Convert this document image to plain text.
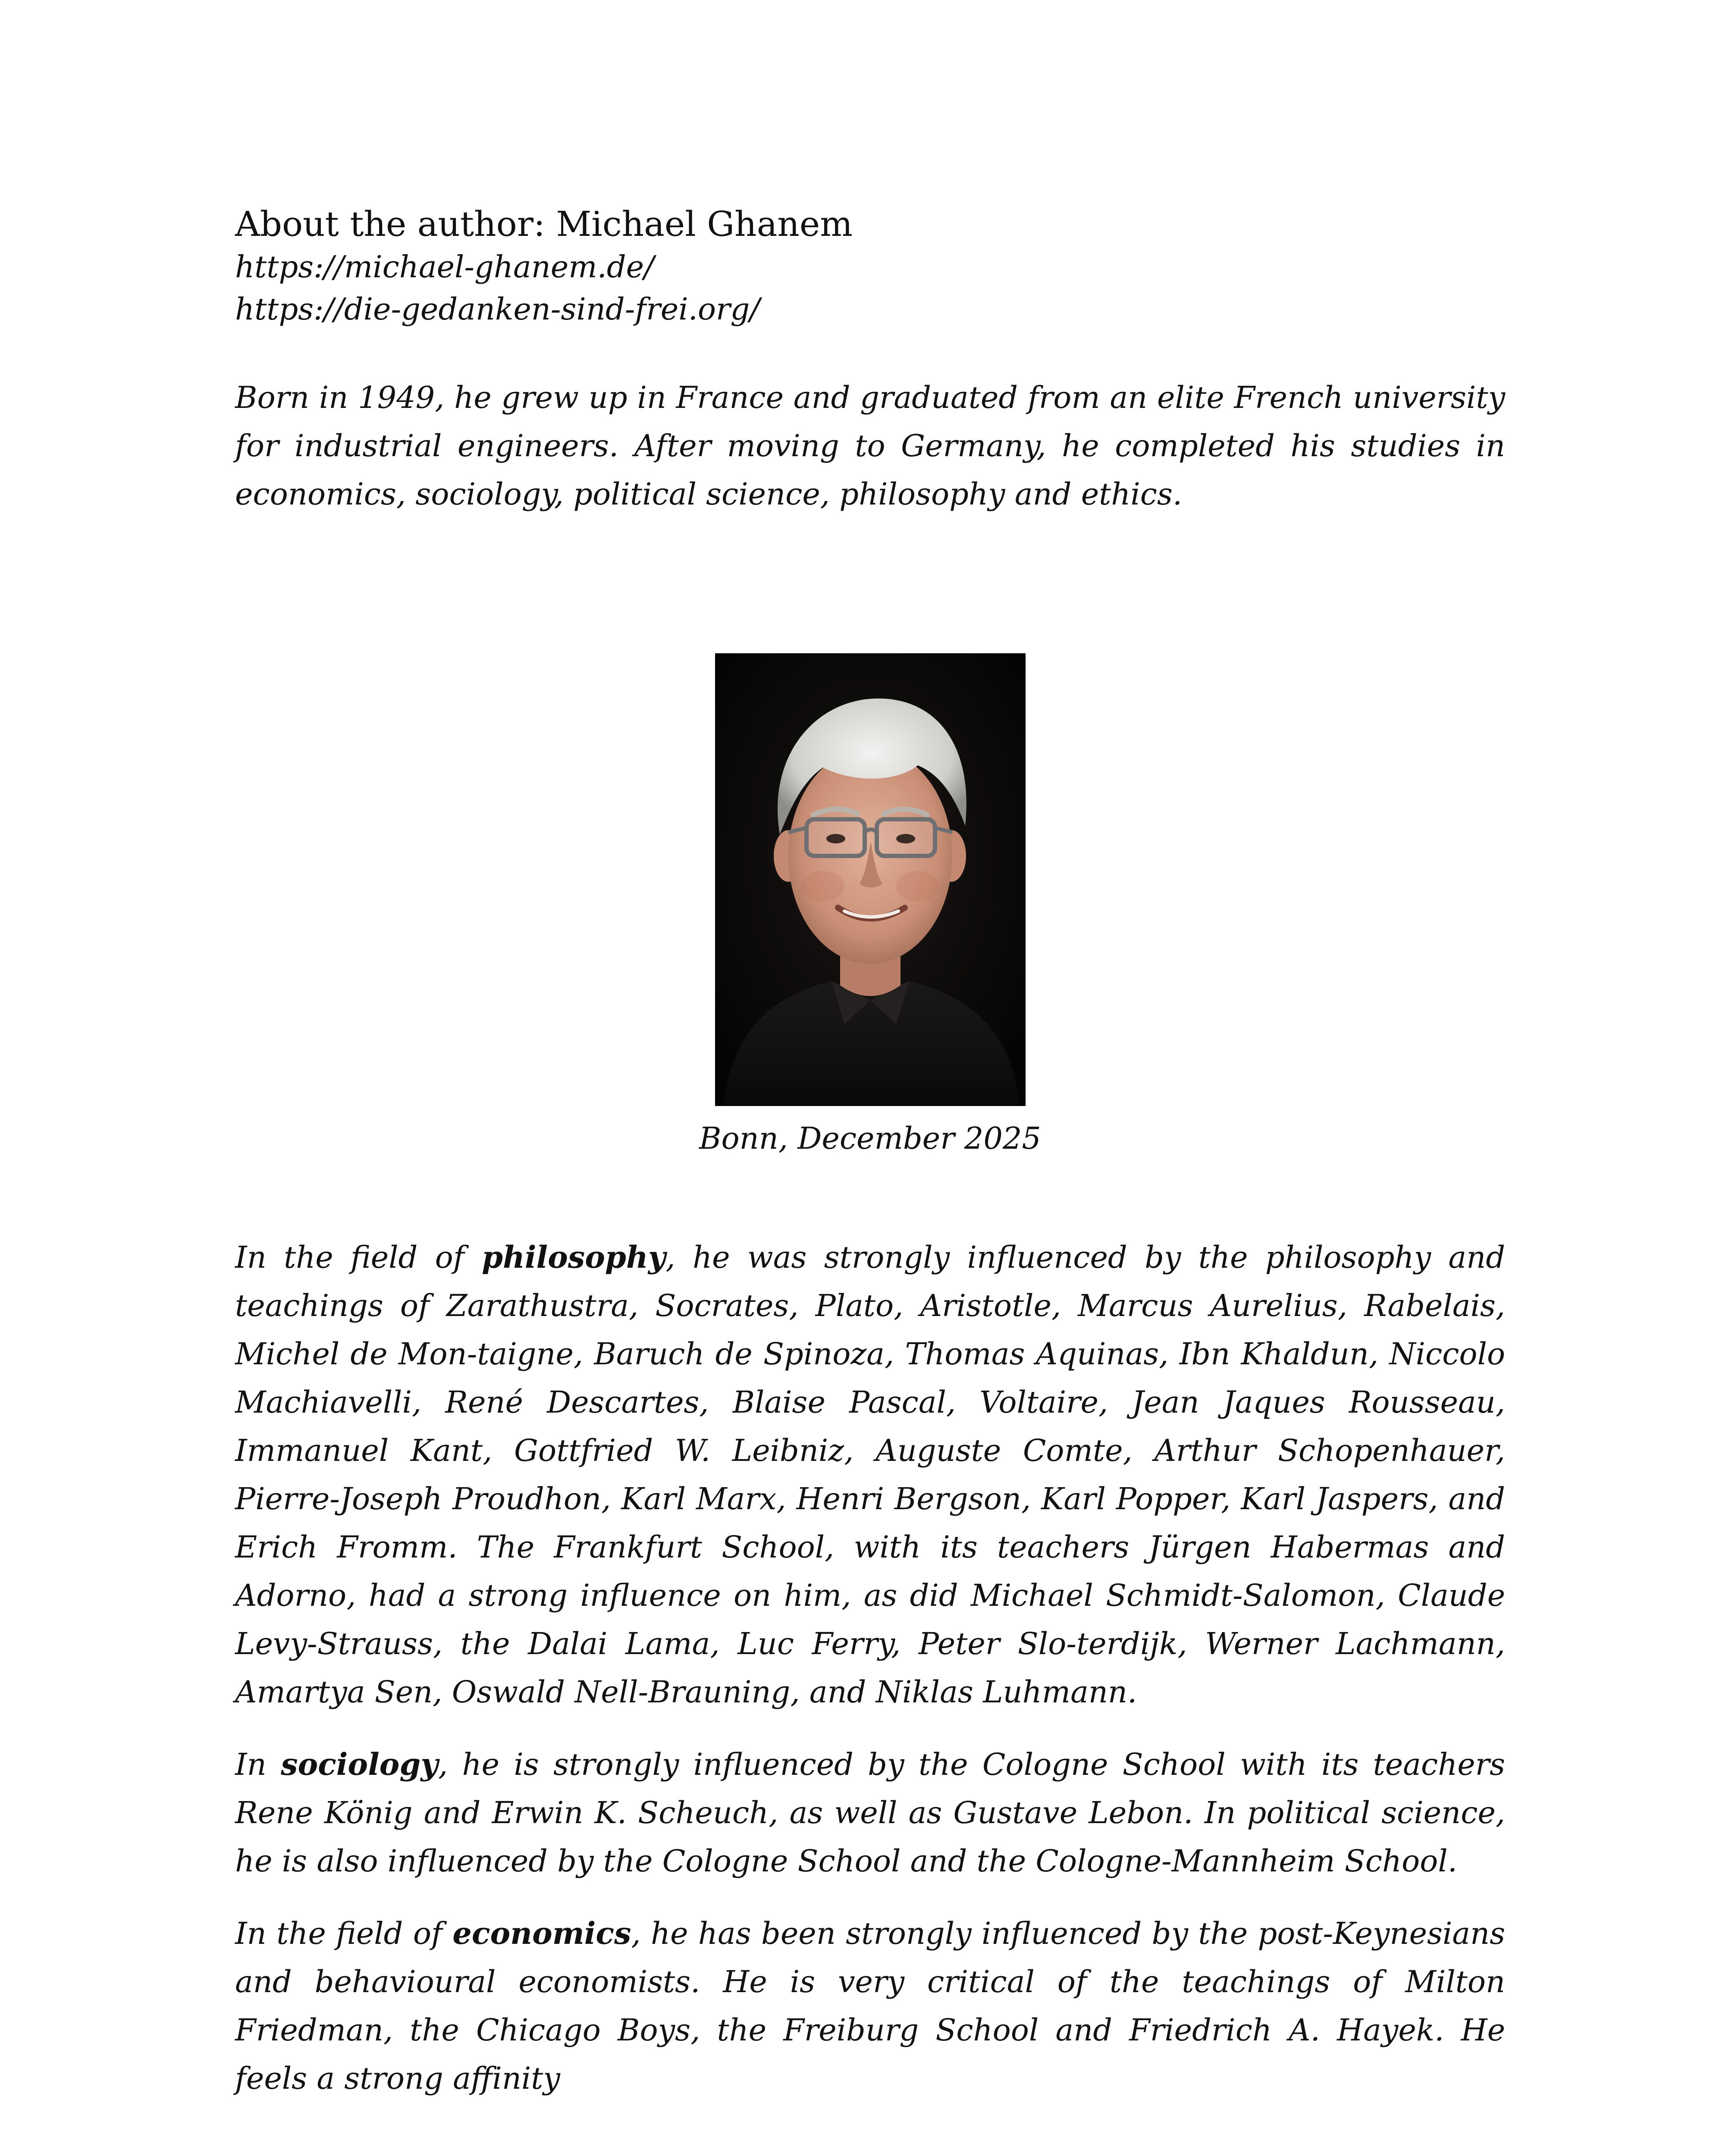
About the author: Michael Ghanem

https://michael-ghanem.de/
https://die-gedanken-sind-frei.org/

Born in 1949, he grew up in France and graduated from an elite French university for industrial engineers. After moving to Germany, he completed his studies in economics, sociology, political science, philosophy and ethics.

Bonn, December 2025

In the field of philosophy, he was strongly influenced by the philosophy and teachings of Zarathustra, Socrates, Plato, Aristotle, Marcus Aurelius, Rabelais, Michel de Mon-taigne, Baruch de Spinoza, Thomas Aquinas, Ibn Khaldun, Niccolo Machiavelli, René Descartes, Blaise Pascal, Voltaire, Jean Jaques Rousseau, Immanuel Kant, Gottfried W. Leibniz, Auguste Comte, Arthur Schopenhauer, Pierre-Joseph Proudhon, Karl Marx, Henri Bergson, Karl Popper, Karl Jaspers, and Erich Fromm. The Frankfurt School, with its teachers Jürgen Habermas and Adorno, had a strong influence on him, as did Michael Schmidt-Salomon, Claude Levy-Strauss, the Dalai Lama, Luc Ferry, Peter Slo-terdijk, Werner Lachmann, Amartya Sen, Oswald Nell-Brauning, and Niklas Luhmann.

In sociology, he is strongly influenced by the Cologne School with its teachers Rene König and Erwin K. Scheuch, as well as Gustave Lebon. In political science, he is also influenced by the Cologne School and the Cologne-Mannheim School.

In the field of economics, he has been strongly influenced by the post-Keynesians and behavioural economists. He is very critical of the teachings of Milton Friedman, the Chicago Boys, the Freiburg School and Friedrich A. Hayek. He feels a strong affinity
